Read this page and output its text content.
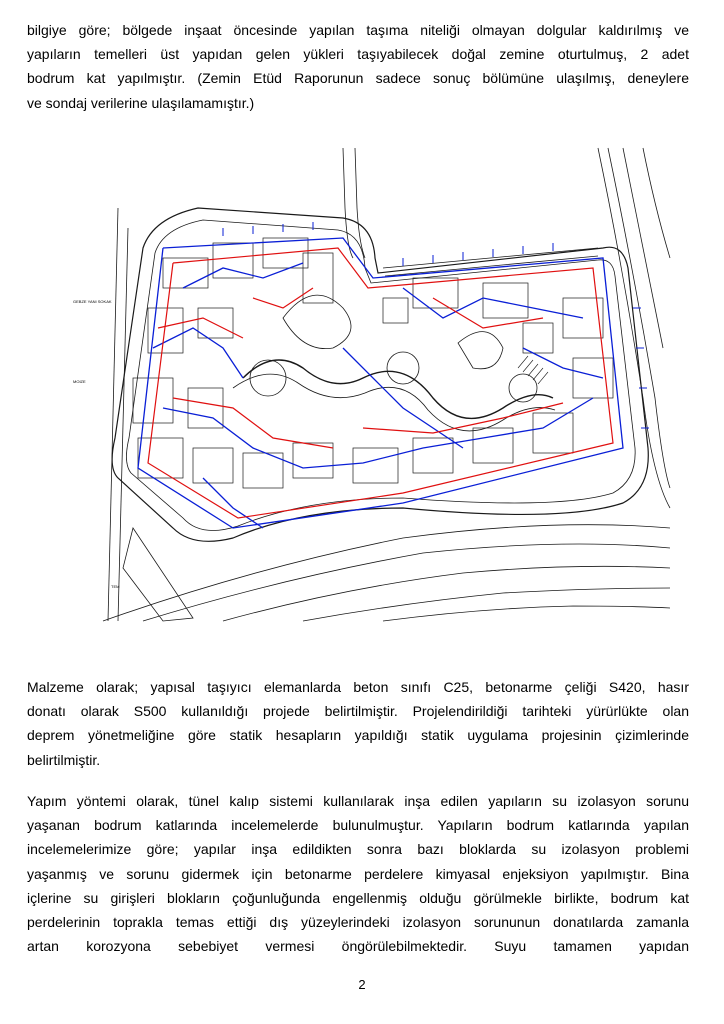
bilgiye göre; bölgede inşaat öncesinde yapılan taşıma niteliği olmayan dolgular kaldırılmış ve
yapıların temelleri üst yapıdan gelen yükleri taşıyabilecek doğal zemine oturtulmuş, 2 adet
bodrum kat yapılmıştır. (Zemin Etüd Raporunun sadece sonuç bölümüne ulaşılmış, deneylere
ve sondaj verilerine ulaşılamamıştır.)
GEBZE YANI SOKAK
MOIZE
TEM
Malzeme olarak; yapısal taşıyıcı elemanlarda beton sınıfı C25, betonarme çeliği S420, hasır
donatı olarak S500 kullanıldığı projede belirtilmiştir. Projelendirildiği tarihteki yürürlükte olan
deprem yönetmeliğine göre statik hesapların yapıldığı statik uygulama projesinin çizimlerinde
belirtilmiştir.
Yapım yöntemi olarak, tünel kalıp sistemi kullanılarak inşa edilen yapıların su izolasyon sorunu
yaşanan bodrum katlarında incelemelerde bulunulmuştur. Yapıların bodrum katlarında yapılan
incelemelerimize göre; yapılar inşa edildikten sonra bazı bloklarda su izolasyon problemi
yaşanmış ve sorunu gidermek için betonarme perdelere kimyasal enjeksiyon yapılmıştır. Bina
içlerine su girişleri blokların çoğunluğunda engellenmiş olduğu görülmekle birlikte, bodrum kat
perdelerinin toprakla temas ettiği dış yüzeylerindeki izolasyon sorununun donatılarda zamanla
artan korozyona sebebiyet vermesi öngörülebilmektedir. Suyu tamamen yapıdan
2
